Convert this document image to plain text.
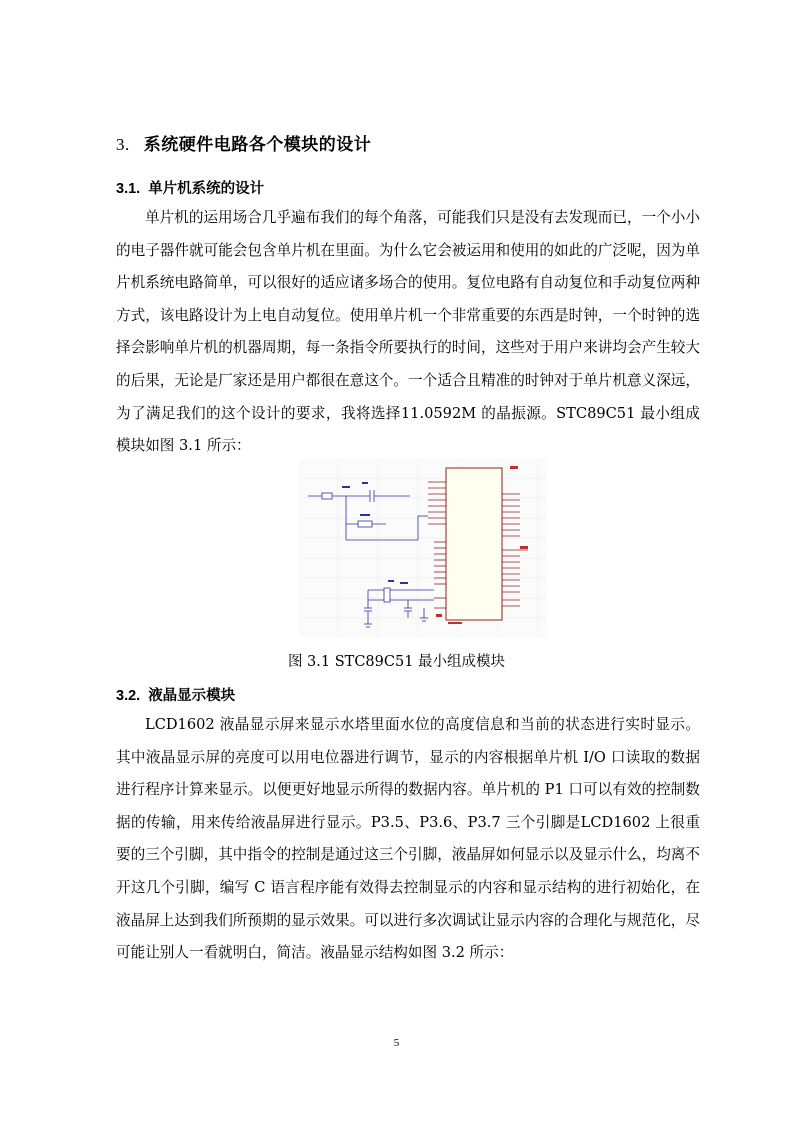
3. 系统硬件电路各个模块的设计
3.1. 单片机系统的设计
单片机的运用场合几乎遍布我们的每个角落，可能我们只是没有去发现而已，一个小小的电子器件就可能会包含单片机在里面。为什么它会被运用和使用的如此的广泛呢，因为单片机系统电路简单，可以很好的适应诸多场合的使用。复位电路有自动复位和手动复位两种方式，该电路设计为上电自动复位。使用单片机一个非常重要的东西是时钟，一个时钟的选择会影响单片机的机器周期，每一条指令所要执行的时间，这些对于用户来讲均会产生较大的后果，无论是厂家还是用户都很在意这个。一个适合且精准的时钟对于单片机意义深远， 为了满足我们的这个设计的要求，我将选择11.0592M 的晶振源。STC89C51 最小组成模块如图 3.1 所示：
图 3.1 STC89C51 最小组成模块
3.2. 液晶显示模块
LCD1602 液晶显示屏来显示水塔里面水位的高度信息和当前的状态进行实时显示。其中液晶显示屏的亮度可以用电位器进行调节，显示的内容根据单片机 I/O 口读取的数据进行程序计算来显示。以便更好地显示所得的数据内容。单片机的 P1 口可以有效的控制数据的传输，用来传给液晶屏进行显示。P3.5、P3.6、P3.7 三个引脚是LCD1602 上很重要的三个引脚，其中指令的控制是通过这三个引脚，液晶屏如何显示以及显示什么，均离不开这几个引脚，编写 C 语言程序能有效得去控制显示的内容和显示结构的进行初始化，在液晶屏上达到我们所预期的显示效果。可以进行多次调试让显示内容的合理化与规范化，尽可能让别人一看就明白，简洁。液晶显示结构如图 3.2 所示：
5
